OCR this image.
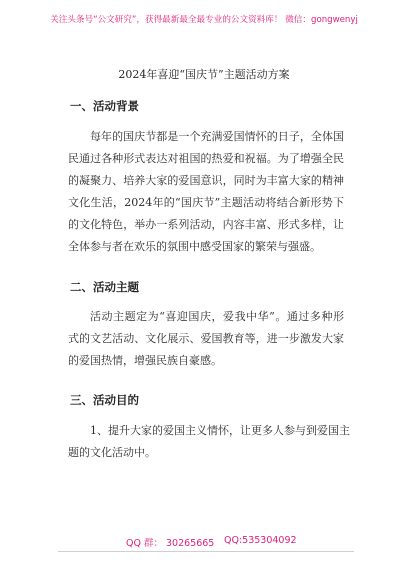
关注头条号“公文研究”，获得最新最全最专业的公文资料库！ 微信：gongwenyj
2024年喜迎“国庆节”主题活动方案
一、活动背景
每年的国庆节都是一个充满爱国情怀的日子，全体国
民通过各种形式表达对祖国的热爱和祝福。为了增强全民
的凝聚力、培养大家的爱国意识，同时为丰富大家的精神
文化生活，2024年的“国庆节”主题活动将结合新形势下
的文化特色，举办一系列活动，内容丰富、形式多样，让
全体参与者在欢乐的氛围中感受国家的繁荣与强盛。
二、活动主题
活动主题定为“喜迎国庆，爱我中华”。通过多种形
式的文艺活动、文化展示、爱国教育等，进一步激发大家
的爱国热情，增强民族自豪感。
三、活动目的
1、提升大家的爱国主义情怀，让更多人参与到爱国主
题的文化活动中。
QQ 群： 30265665 QQ:535304092
